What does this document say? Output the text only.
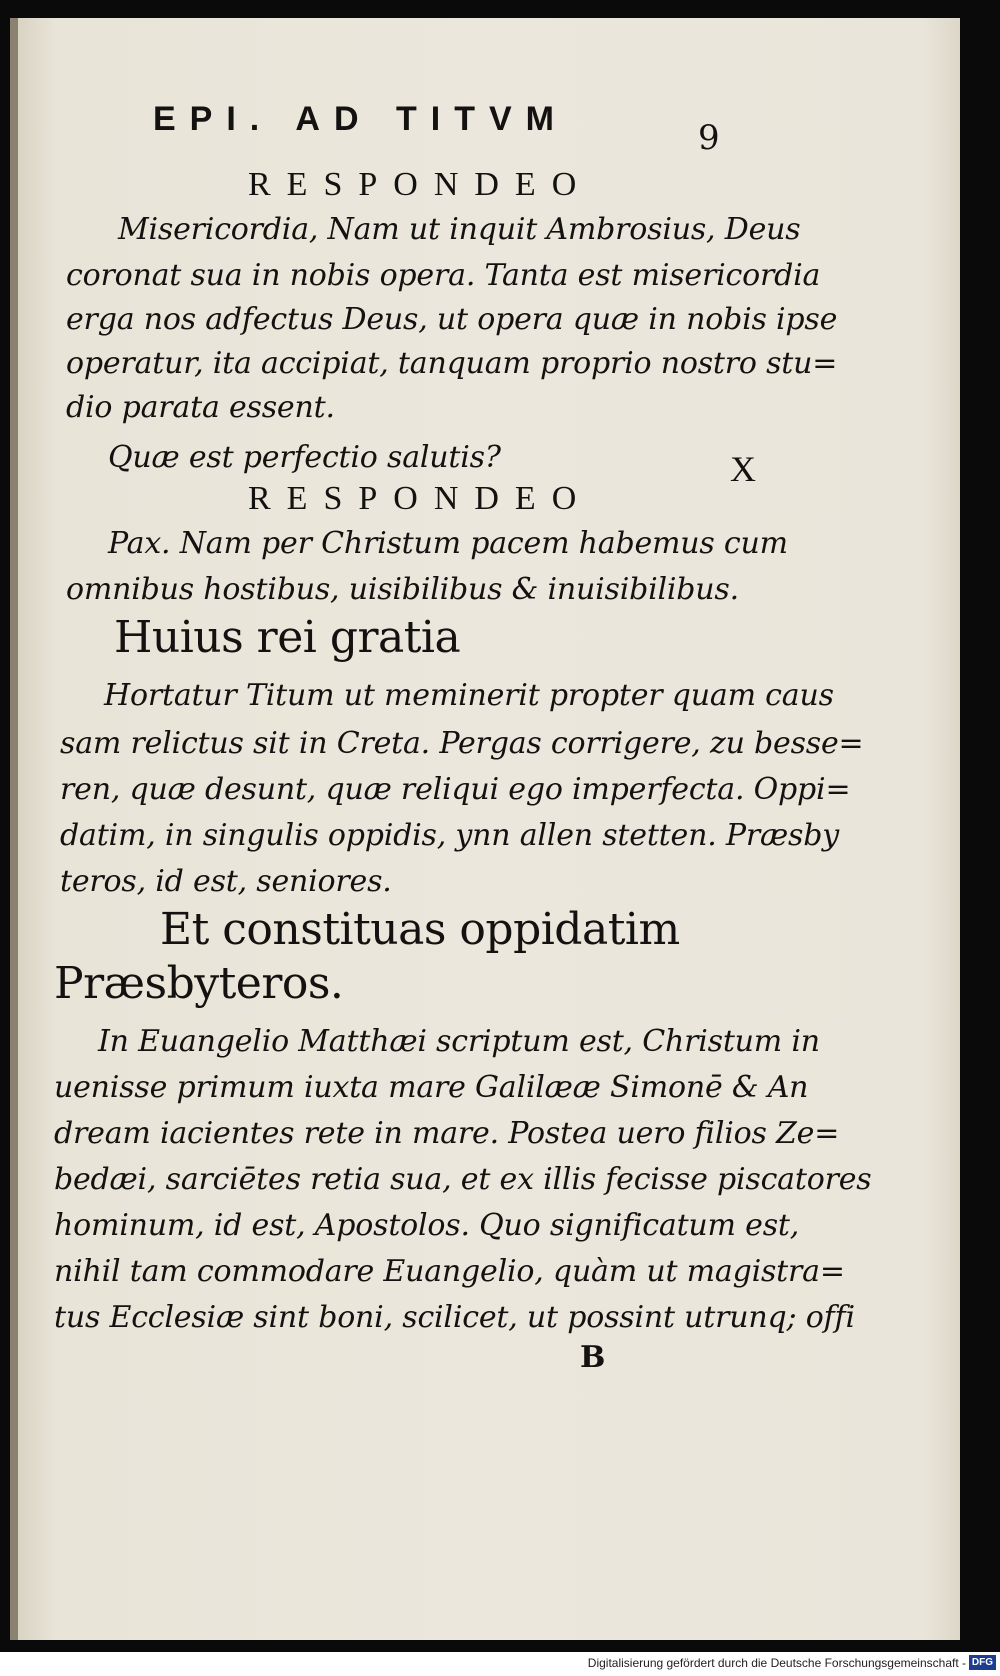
EPI. AD TITVM	9
RESPONDEO
Misericordia, Nam ut inquit Ambrosius, Deus
coronat sua in nobis opera. Tanta est misericordia
erga nos adfectus Deus, ut opera quæ in nobis ipse
operatur, ita accipiat, tanquam proprio nostro stu=
dio parata essent.
Quæ est perfectio salutis?	X
RESPONDEO
Pax. Nam per Christum pacem habemus cum
omnibus hostibus, uisibilibus & inuisibilibus.
Huius rei gratia
Hortatur Titum ut meminerit propter quam caus
sam relictus sit in Creta. Pergas corrigere, zu besse=
ren, quæ desunt, quæ reliqui ego imperfecta. Oppi=
datim, in singulis oppidis, ynn allen stetten. Præsby
teros, id est, seniores.
Et constituas oppidatim
Præsbyteros.
In Euangelio Matthæi scriptum est, Christum in
uenisse primum iuxta mare Galilææ Simonē & An
dream iacientes rete in mare. Postea uero filios Ze=
bedæi, sarciētes retia sua, et ex illis fecisse piscatores
hominum, id est, Apostolos. Quo significatum est,
nihil tam commodare Euangelio, quàm ut magistra=
tus Ecclesiæ sint boni, scilicet, ut possint utrunq; offi
B
Digitalisierung gefördert durch die Deutsche Forschungsgemeinschaft - DFG
